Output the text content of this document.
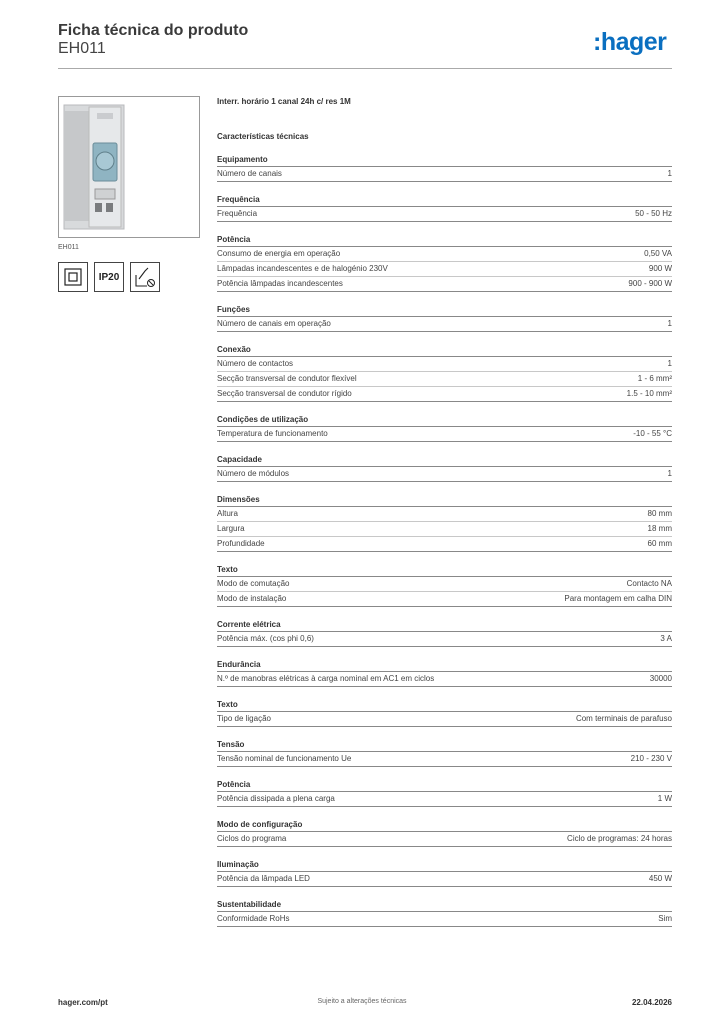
Ficha técnica do produto
EH011	:hager
EH011
IP20
Interr. horário 1 canal 24h c/ res 1M
Características técnicas
Equipamento
Número de canais	1
Frequência
Frequência	50 - 50 Hz
Potência
Consumo de energia em operação	0,50 VA
Lâmpadas incandescentes e de halogénio 230V	900 W
Potência lâmpadas incandescentes	900 - 900 W
Funções
Número de canais em operação	1
Conexão
Número de contactos	1
Secção transversal de condutor flexível	1 - 6 mm²
Secção transversal de condutor rígido	1.5 - 10 mm²
Condições de utilização
Temperatura de funcionamento	-10 - 55 °C
Capacidade
Número de módulos	1
Dimensões
Altura	80 mm
Largura	18 mm
Profundidade	60 mm
Texto
Modo de comutação	Contacto NA
Modo de instalação	Para montagem em calha DIN
Corrente elétrica
Potência máx. (cos phi 0,6)	3 A
Endurância
N.º de manobras elétricas à carga nominal em AC1 em ciclos	30000
Texto
Tipo de ligação	Com terminais de parafuso
Tensão
Tensão nominal de funcionamento Ue	210 - 230 V
Potência
Potência dissipada a plena carga	1 W
Modo de configuração
Ciclos do programa	Ciclo de programas: 24 horas
Iluminação
Potência da lâmpada LED	450 W
Sustentabilidade
Conformidade RoHs	Sim
hager.com/pt	Sujeito a alterações técnicas	22.04.2026
